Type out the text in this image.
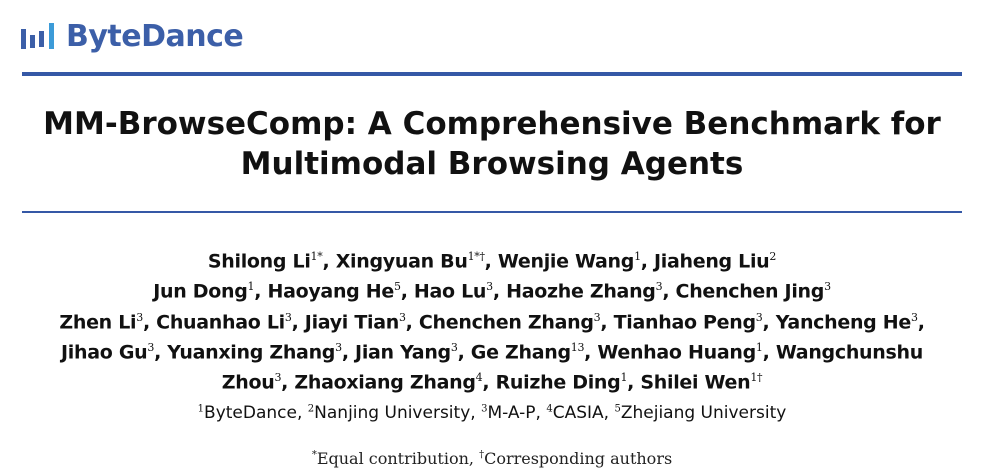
ByteDance
MM-BrowseComp: A Comprehensive Benchmark for
Multimodal Browsing Agents
Shilong $Li^{1*}$, Xingyuan $Bu^{1*\dagger}$, Wenjie Wang$^1$, Jiaheng Liu$^2$
Jun Dong$^1$, Haoyang He$^5$, Hao Lu$^3$, Haozhe Zhang$^3$, Chenchen Jing$^3$
Zhen Li$^3$, Chuanhao Li$^3$, Jiayi Tian$^3$, Chenchen Zhang$^3$, Tianhao Peng$^3$, Yancheng He$^3$,
Jihao Gu$^3$, Yuanxing Zhang$^3$, Jian Yang$^3$, Ge Zhang$^{13}$, Wenhao Huang$^1$, Wangchunshu
Zhou$^3$, Zhaoxiang Zhang$^4$, Ruizhe Ding$^1$, Shilei Wen$^{1\dagger}$
$^1$ByteDance, $^2$Nanjing University, $^3$M-A-P, $^4$CASIA, $^5$Zhejiang University
*Equal contribution, †Corresponding authors
